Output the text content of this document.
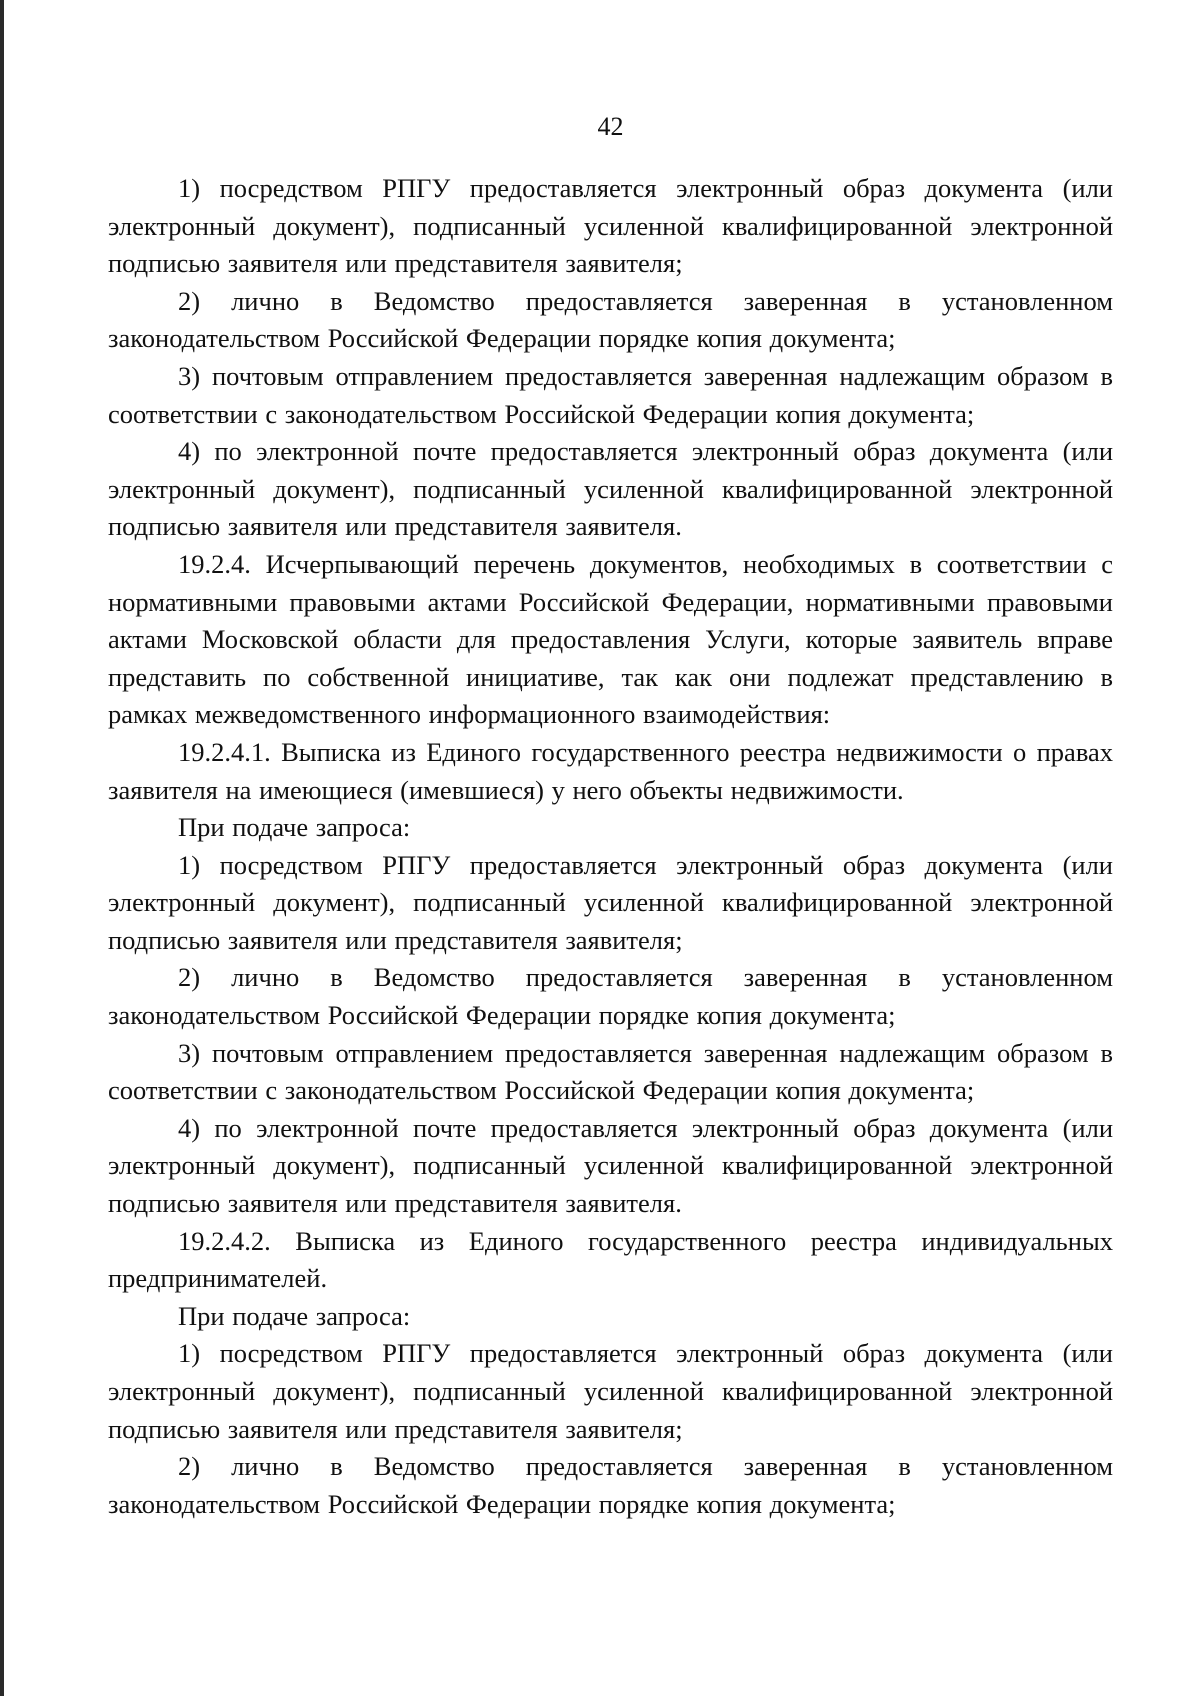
42

1) посредством РПГУ предоставляется электронный образ документа (или электронный документ), подписанный усиленной квалифицированной электронной подписью заявителя или представителя заявителя;

2) лично в Ведомство предоставляется заверенная в установленном законодательством Российской Федерации порядке копия документа;

3) почтовым отправлением предоставляется заверенная надлежащим образом в соответствии с законодательством Российской Федерации копия документа;

4) по электронной почте предоставляется электронный образ документа (или электронный документ), подписанный усиленной квалифицированной электронной подписью заявителя или представителя заявителя.

19.2.4. Исчерпывающий перечень документов, необходимых в соответствии с нормативными правовыми актами Российской Федерации, нормативными правовыми актами Московской области для предоставления Услуги, которые заявитель вправе представить по собственной инициативе, так как они подлежат представлению в рамках межведомственного информационного взаимодействия:

19.2.4.1. Выписка из Единого государственного реестра недвижимости о правах заявителя на имеющиеся (имевшиеся) у него объекты недвижимости.

При подаче запроса:

1) посредством РПГУ предоставляется электронный образ документа (или электронный документ), подписанный усиленной квалифицированной электронной подписью заявителя или представителя заявителя;

2) лично в Ведомство предоставляется заверенная в установленном законодательством Российской Федерации порядке копия документа;

3) почтовым отправлением предоставляется заверенная надлежащим образом в соответствии с законодательством Российской Федерации копия документа;

4) по электронной почте предоставляется электронный образ документа (или электронный документ), подписанный усиленной квалифицированной электронной подписью заявителя или представителя заявителя.

19.2.4.2. Выписка из Единого государственного реестра индивидуальных предпринимателей.

При подаче запроса:

1) посредством РПГУ предоставляется электронный образ документа (или электронный документ), подписанный усиленной квалифицированной электронной подписью заявителя или представителя заявителя;

2) лично в Ведомство предоставляется заверенная в установленном законодательством Российской Федерации порядке копия документа;
